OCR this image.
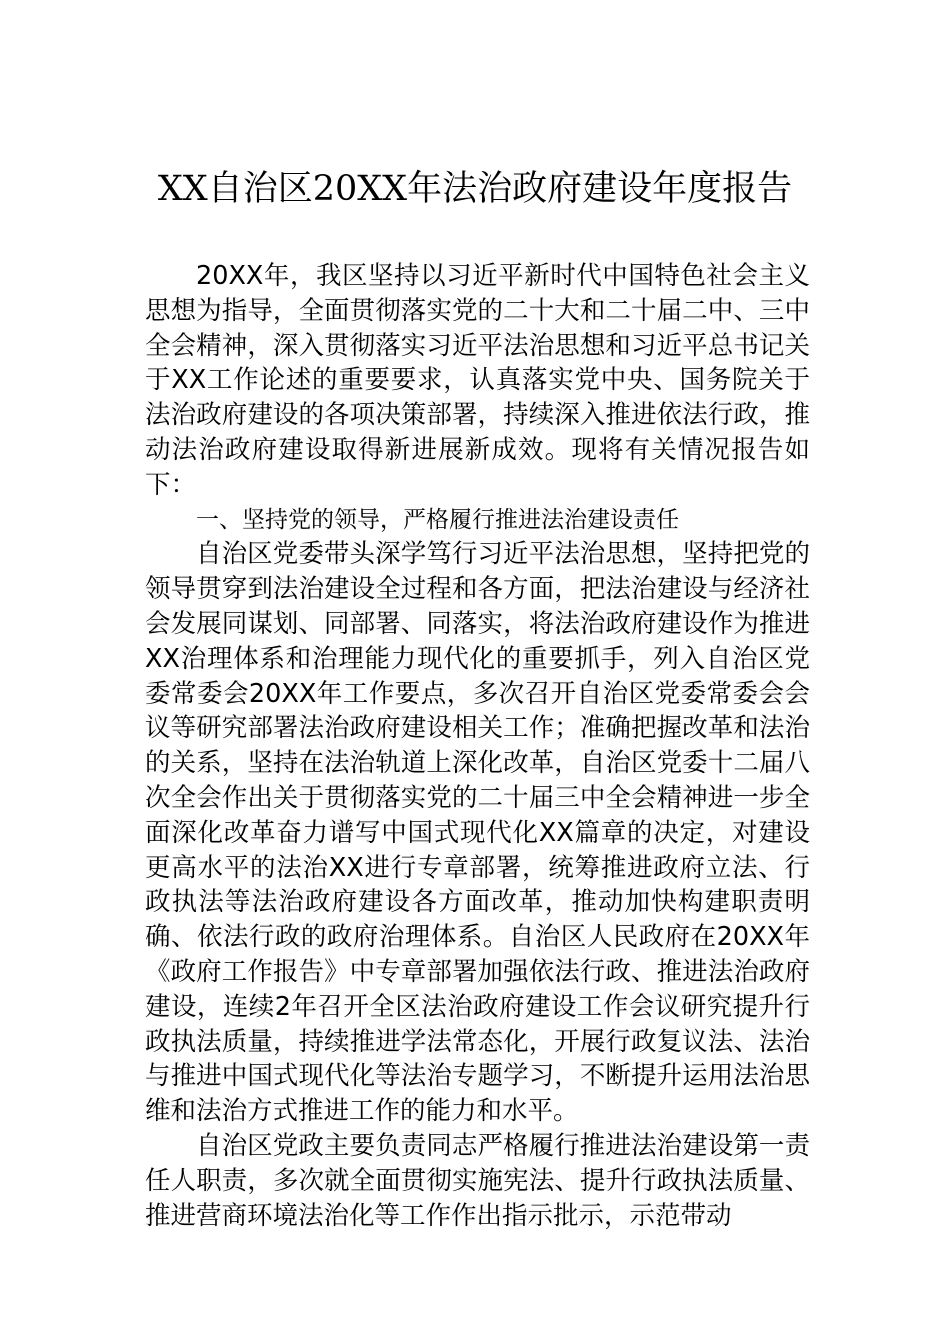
XX自治区20XX年法治政府建设年度报告

20XX年，我区坚持以习近平新时代中国特色社会主义思想为指导，全面贯彻落实党的二十大和二十届二中、三中全会精神，深入贯彻落实习近平法治思想和习近平总书记关于XX工作论述的重要要求，认真落实党中央、国务院关于法治政府建设的各项决策部署，持续深入推进依法行政，推动法治政府建设取得新进展新成效。现将有关情况报告如下：

一、坚持党的领导，严格履行推进法治建设责任

自治区党委带头深学笃行习近平法治思想，坚持把党的领导贯穿到法治建设全过程和各方面，把法治建设与经济社会发展同谋划、同部署、同落实，将法治政府建设作为推进XX治理体系和治理能力现代化的重要抓手，列入自治区党委常委会20XX年工作要点，多次召开自治区党委常委会会议等研究部署法治政府建设相关工作；准确把握改革和法治的关系，坚持在法治轨道上深化改革，自治区党委十二届八次全会作出关于贯彻落实党的二十届三中全会精神进一步全面深化改革奋力谱写中国式现代化XX篇章的决定，对建设更高水平的法治XX进行专章部署，统筹推进政府立法、行政执法等法治政府建设各方面改革，推动加快构建职责明确、依法行政的政府治理体系。自治区人民政府在20XX年《政府工作报告》中专章部署加强依法行政、推进法治政府建设，连续2年召开全区法治政府建设工作会议研究提升行政执法质量，持续推进学法常态化，开展行政复议法、法治与推进中国式现代化等法治专题学习，不断提升运用法治思维和法治方式推进工作的能力和水平。

自治区党政主要负责同志严格履行推进法治建设第一责任人职责，多次就全面贯彻实施宪法、提升行政执法质量、推进营商环境法治化等工作作出指示批示，示范带动
